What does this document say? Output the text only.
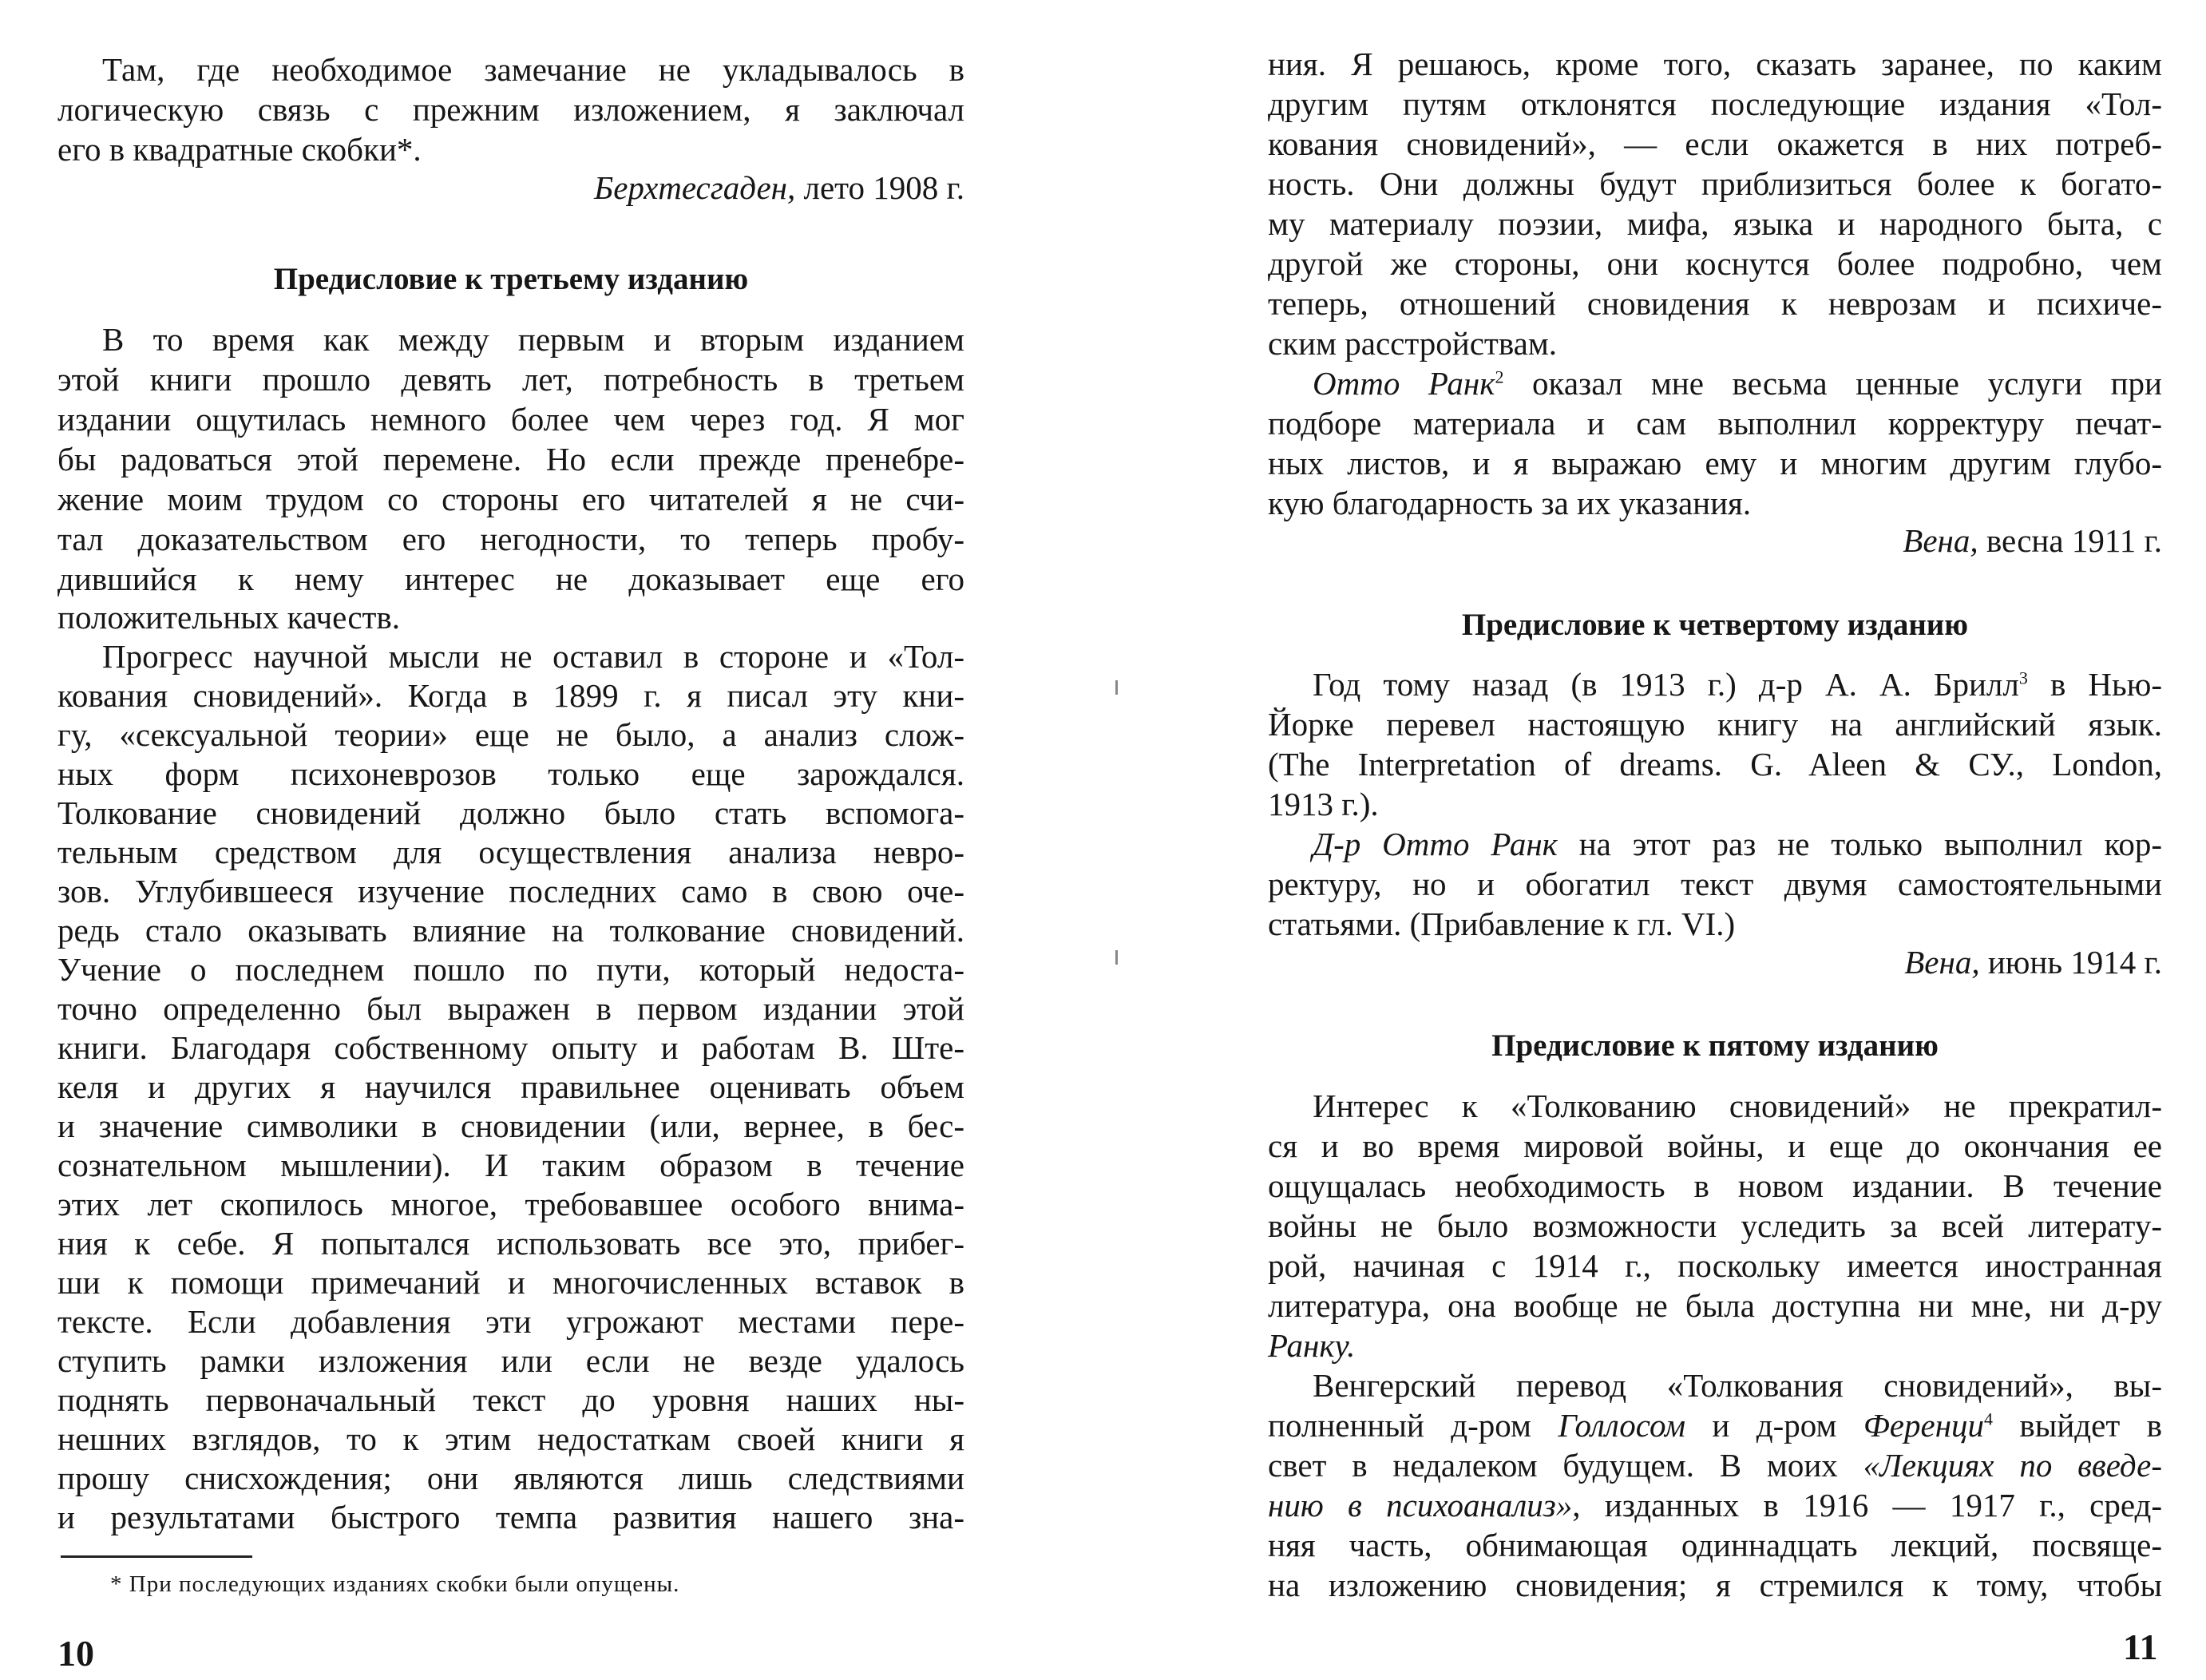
Там, где необходимое замечание не укладывалось в
логическую связь с прежним изложением, я заключал
его в квадратные скобки*.
Берхтесгаден, лето 1908 г.
Предисловие к третьему изданию
В то время как между первым и вторым изданием
этой книги прошло девять лет, потребность в третьем
издании ощутилась немного более чем через год. Я мог
бы радоваться этой перемене. Но если прежде пренебре-
жение моим трудом со стороны его читателей я не счи-
тал доказательством его негодности, то теперь пробу-
дившийся к нему интерес не доказывает еще его
положительных качеств.
Прогресс научной мысли не оставил в стороне и «Тол-
кования сновидений». Когда в 1899 г. я писал эту кни-
гу, «сексуальной теории» еще не было, а анализ слож-
ных форм психоневрозов только еще зарождался.
Толкование сновидений должно было стать вспомога-
тельным средством для осуществления анализа невро-
зов. Углубившееся изучение последних само в свою оче-
редь стало оказывать влияние на толкование сновидений.
Учение о последнем пошло по пути, который недоста-
точно определенно был выражен в первом издании этой
книги. Благодаря собственному опыту и работам В. Ште-
келя и других я научился правильнее оценивать объем
и значение символики в сновидении (или, вернее, в бес-
сознательном мышлении). И таким образом в течение
этих лет скопилось многое, требовавшее особого внима-
ния к себе. Я попытался использовать все это, прибег-
ши к помощи примечаний и многочисленных вставок в
тексте. Если добавления эти угрожают местами пере-
ступить рамки изложения или если не везде удалось
поднять первоначальный текст до уровня наших ны-
нешних взглядов, то к этим недостаткам своей книги я
прошу снисхождения; они являются лишь следствиями
и результатами быстрого темпа развития нашего зна-
* При последующих изданиях скобки были опущены.
10
ния. Я решаюсь, кроме того, сказать заранее, по каким
другим путям отклонятся последующие издания «Тол-
кования сновидений», — если окажется в них потреб-
ность. Они должны будут приблизиться более к богато-
му материалу поэзии, мифа, языка и народного быта, с
другой же стороны, они коснутся более подробно, чем
теперь, отношений сновидения к неврозам и психиче-
ским расстройствам.
Отто Ранк$^2$ оказал мне весьма ценные услуги при
подборе материала и сам выполнил корректуру печат-
ных листов, и я выражаю ему и многим другим глубо-
кую благодарность за их указания.
Вена, весна 1911 г.
Предисловие к четвертому изданию
Год тому назад (в 1913 г.) д-р А. А. Брилл$^3$ в Нью-
Йорке перевел настоящую книгу на английский язык.
(The Interpretation of dreams. G. Aleen & СУ., London,
1913 г.).
Д-р Отто Ранк на этот раз не только выполнил кор-
ректуру, но и обогатил текст двумя самостоятельными
статьями. (Прибавление к гл. VI.)
Вена, июнь 1914 г.
Предисловие к пятому изданию
Интерес к «Толкованию сновидений» не прекратил-
ся и во время мировой войны, и еще до окончания ее
ощущалась необходимость в новом издании. В течение
войны не было возможности уследить за всей литерату-
рой, начиная с 1914 г., поскольку имеется иностранная
литература, она вообще не была доступна ни мне, ни д-ру
Ранку.
Венгерский перевод «Толкования сновидений», вы-
полненный д-ром Голлосом и д-ром Ференци$^4$ выйдет в
свет в недалеком будущем. В моих «Лекциях по введе-
нию в психоанализ», изданных в 1916 — 1917 г., сред-
няя часть, обнимающая одиннадцать лекций, посвяще-
на изложению сновидения; я стремился к тому, чтобы
11
